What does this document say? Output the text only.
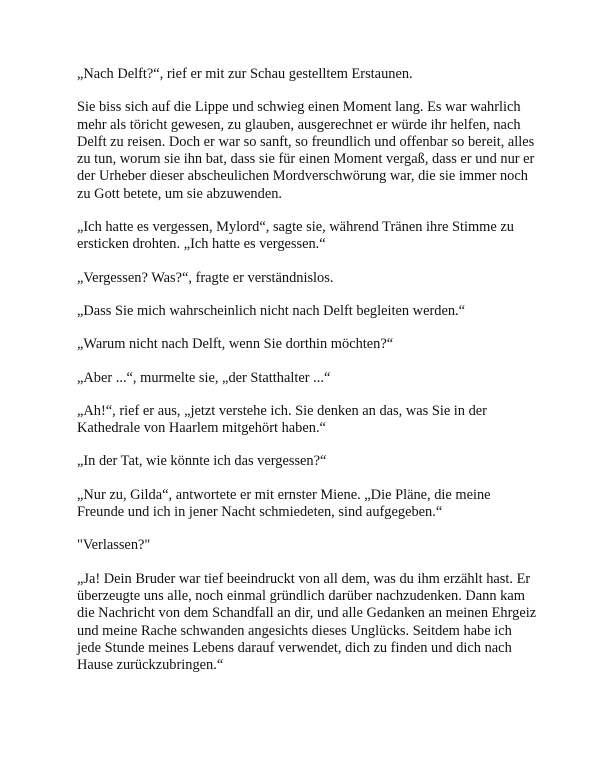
„Nach Delft?“, rief er mit zur Schau gestelltem Erstaunen.

Sie biss sich auf die Lippe und schwieg einen Moment lang. Es war wahrlich mehr als töricht gewesen, zu glauben, ausgerechnet er würde ihr helfen, nach Delft zu reisen. Doch er war so sanft, so freundlich und offenbar so bereit, alles zu tun, worum sie ihn bat, dass sie für einen Moment vergaß, dass er und nur er der Urheber dieser abscheulichen Mordverschwörung war, die sie immer noch zu Gott betete, um sie abzuwenden.

„Ich hatte es vergessen, Mylord“, sagte sie, während Tränen ihre Stimme zu ersticken drohten. „Ich hatte es vergessen.“

„Vergessen? Was?“, fragte er verständnislos.

„Dass Sie mich wahrscheinlich nicht nach Delft begleiten werden.“

„Warum nicht nach Delft, wenn Sie dorthin möchten?“

„Aber ...“, murmelte sie, „der Statthalter ...“

„Ah!“, rief er aus, „jetzt verstehe ich. Sie denken an das, was Sie in der Kathedrale von Haarlem mitgehört haben.“

„In der Tat, wie könnte ich das vergessen?“

„Nur zu, Gilda“, antwortete er mit ernster Miene. „Die Pläne, die meine Freunde und ich in jener Nacht schmiedeten, sind aufgegeben.“

"Verlassen?"

„Ja! Dein Bruder war tief beeindruckt von all dem, was du ihm erzählt hast. Er überzeugte uns alle, noch einmal gründlich darüber nachzudenken. Dann kam die Nachricht von dem Schandfall an dir, und alle Gedanken an meinen Ehrgeiz und meine Rache schwanden angesichts dieses Unglücks. Seitdem habe ich jede Stunde meines Lebens darauf verwendet, dich zu finden und dich nach Hause zurückzubringen.“
